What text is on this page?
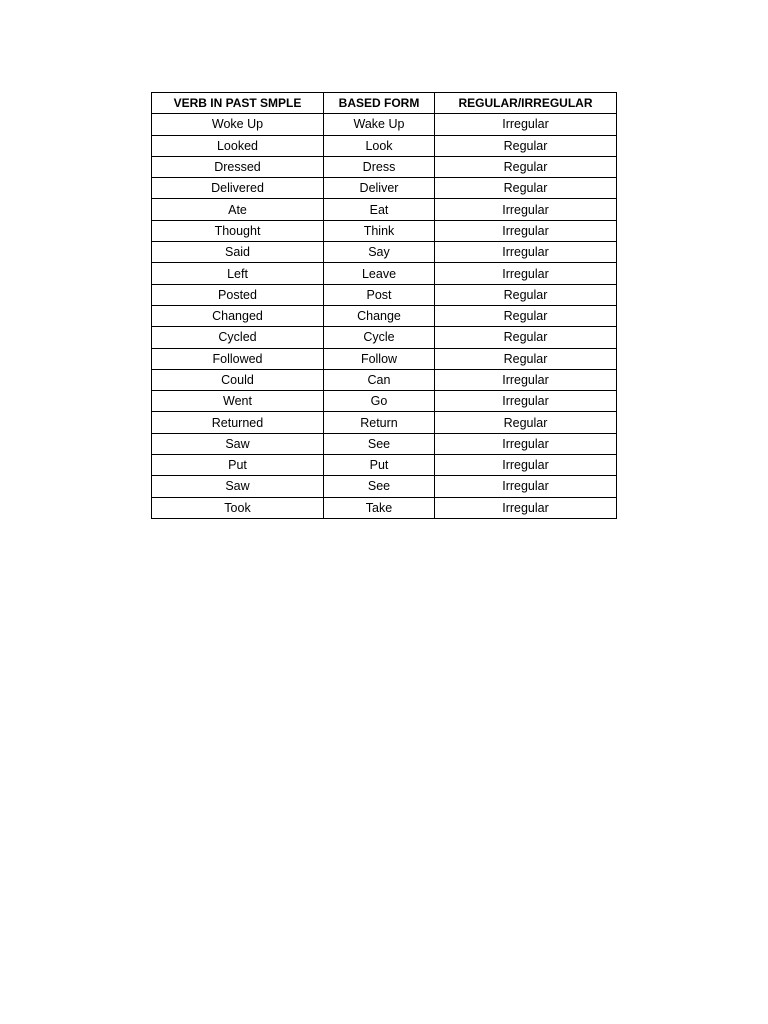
VERB IN PAST SMPLE	BASED FORM	REGULAR/IRREGULAR
Woke Up	Wake Up	Irregular
Looked	Look	Regular
Dressed	Dress	Regular
Delivered	Deliver	Regular
Ate	Eat	Irregular
Thought	Think	Irregular
Said	Say	Irregular
Left	Leave	Irregular
Posted	Post	Regular
Changed	Change	Regular
Cycled	Cycle	Regular
Followed	Follow	Regular
Could	Can	Irregular
Went	Go	Irregular
Returned	Return	Regular
Saw	See	Irregular
Put	Put	Irregular
Saw	See	Irregular
Took	Take	Irregular
